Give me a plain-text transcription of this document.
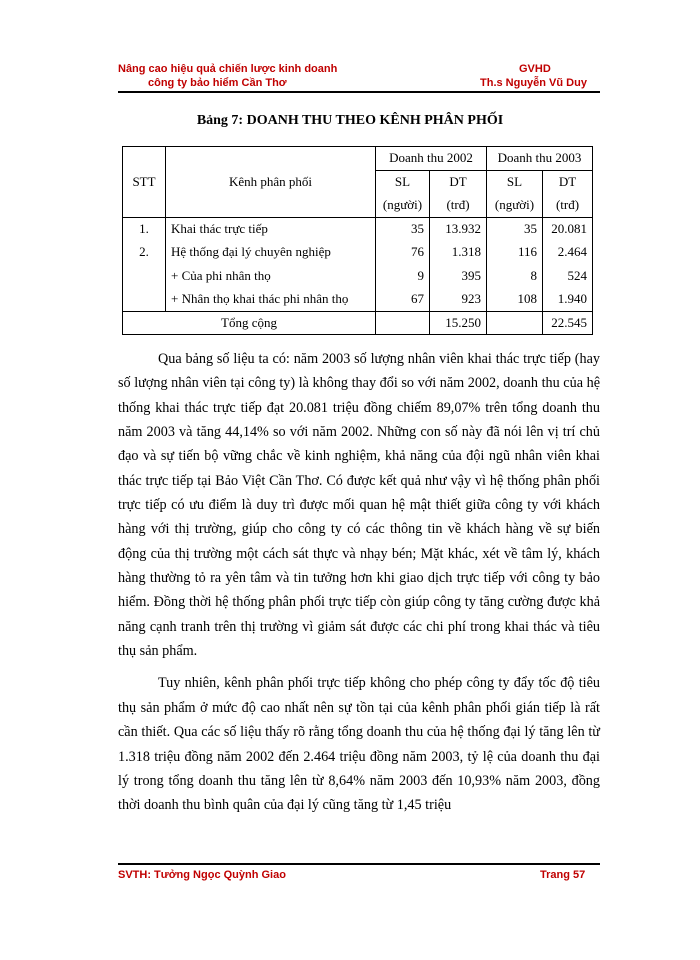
Nâng cao hiệu quả chiến lược kinh doanh
công ty bảo hiểm Cần Thơ
GVHD
Th.s Nguyễn Vũ Duy
Bảng 7: DOANH THU THEO KÊNH PHÂN PHỐI
		Doanh thu 2002		Doanh thu 2003	
STT	Kênh phân phối	SL	DT	SL	DT
		(người)	(trđ)	(người)	(trđ)
1.	Khai thác trực tiếp	35	13.932	35	20.081
2.	Hệ thống đại lý chuyên nghiệp	76	1.318	116	2.464
	+ Của phi nhân thọ	9	395	8	524
	+ Nhân thọ khai thác phi nhân thọ	67	923	108	1.940
Tổng cộng			15.250		22.545

Qua bảng số liệu ta có: năm 2003 số lượng nhân viên khai thác trực tiếp (hay số lượng nhân viên tại công ty) là không thay đổi so với năm 2002, doanh thu của hệ thống khai thác trực tiếp đạt 20.081 triệu đồng chiếm 89,07% trên tổng doanh thu năm 2003 và tăng 44,14% so với năm 2002. Những con số này đã nói lên vị trí chủ đạo và sự tiến bộ vững chắc về kinh nghiệm, khả năng của đội ngũ nhân viên khai thác trực tiếp tại Bảo Việt Cần Thơ. Có được kết quả như vậy vì hệ thống phân phối trực tiếp có ưu điểm là duy trì được mối quan hệ mật thiết giữa công ty với khách hàng với thị trường, giúp cho công ty có các thông tin về khách hàng về sự biến động của thị trường một cách sát thực và nhạy bén; Mặt khác, xét về tâm lý, khách hàng thường tỏ ra yên tâm và tin tưởng hơn khi giao dịch trực tiếp với công ty bảo hiểm. Đồng thời hệ thống phân phối trực tiếp còn giúp công ty tăng cường được khả năng cạnh tranh trên thị trường vì giảm sát được các chi phí trong khai thác và tiêu thụ sản phẩm.

Tuy nhiên, kênh phân phối trực tiếp không cho phép công ty đẩy tốc độ tiêu thụ sản phẩm ở mức độ cao nhất nên sự tồn tại của kênh phân phối gián tiếp là rất cần thiết. Qua các số liệu thấy rõ rằng tổng doanh thu của hệ thống đại lý tăng lên từ 1.318 triệu đồng năm 2002 đến 2.464 triệu đồng năm 2003, tỷ lệ của doanh thu đại lý trong tổng doanh thu tăng lên từ 8,64% năm 2003 đến 10,93% năm 2003, đồng thời doanh thu bình quân của đại lý cũng tăng từ 1,45 triệu

SVTH: Tưởng Ngọc Quỳnh Giao	Trang 57
